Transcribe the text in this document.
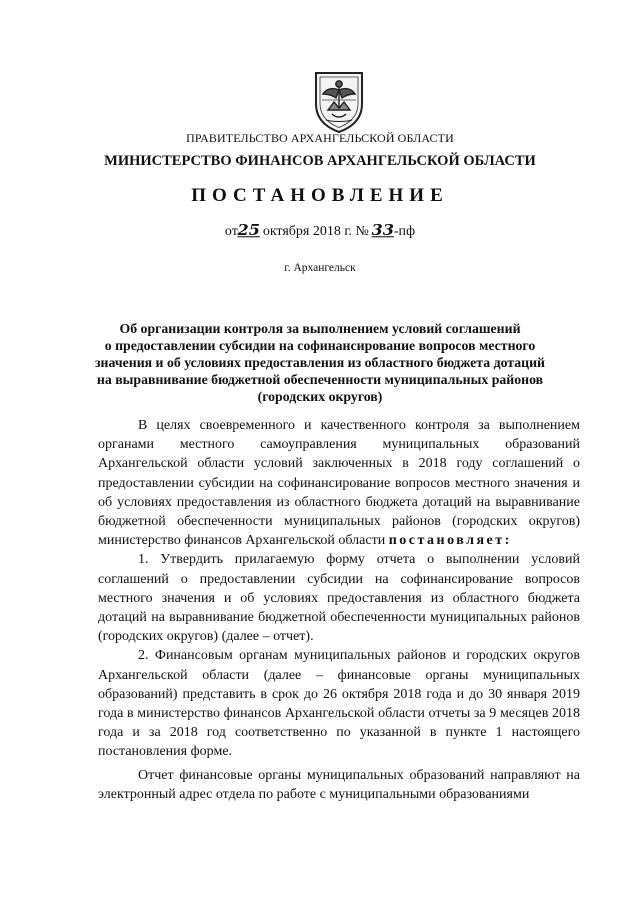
ПРАВИТЕЛЬСТВО АРХАНГЕЛЬСКОЙ ОБЛАСТИ
МИНИСТЕРСТВО ФИНАНСОВ АРХАНГЕЛЬСКОЙ ОБЛАСТИ
ПОСТАНОВЛЕНИЕ
от25 октября 2018 г. № 33-пф
г. Архангельск
Об организации контроля за выполнением условий соглашений
о предоставлении субсидии на софинансирование вопросов местного
значения и об условиях предоставления из областного бюджета дотаций
на выравнивание бюджетной обеспеченности муниципальных районов
(городских округов)

В целях своевременного и качественного контроля за выполнением органами местного самоуправления муниципальных образований Архангельской области условий заключенных в 2018 году соглашений о предоставлении субсидии на софинансирование вопросов местного значения и об условиях предоставления из областного бюджета дотаций на выравнивание бюджетной обеспеченности муниципальных районов (городских округов) министерство финансов Архангельской области постановляет:

1. Утвердить прилагаемую форму отчета о выполнении условий соглашений о предоставлении субсидии на софинансирование вопросов местного значения и об условиях предоставления из областного бюджета дотаций на выравнивание бюджетной обеспеченности муниципальных районов (городских округов) (далее – отчет).

2. Финансовым органам муниципальных районов и городских округов Архангельской области (далее – финансовые органы муниципальных образований) представить в срок до 26 октября 2018 года и до 30 января 2019 года в министерство финансов Архангельской области отчеты за 9 месяцев 2018 года и за 2018 год соответственно по указанной в пункте 1 настоящего постановления форме.

Отчет финансовые органы муниципальных образований направляют на электронный адрес отдела по работе с муниципальными образованиями
